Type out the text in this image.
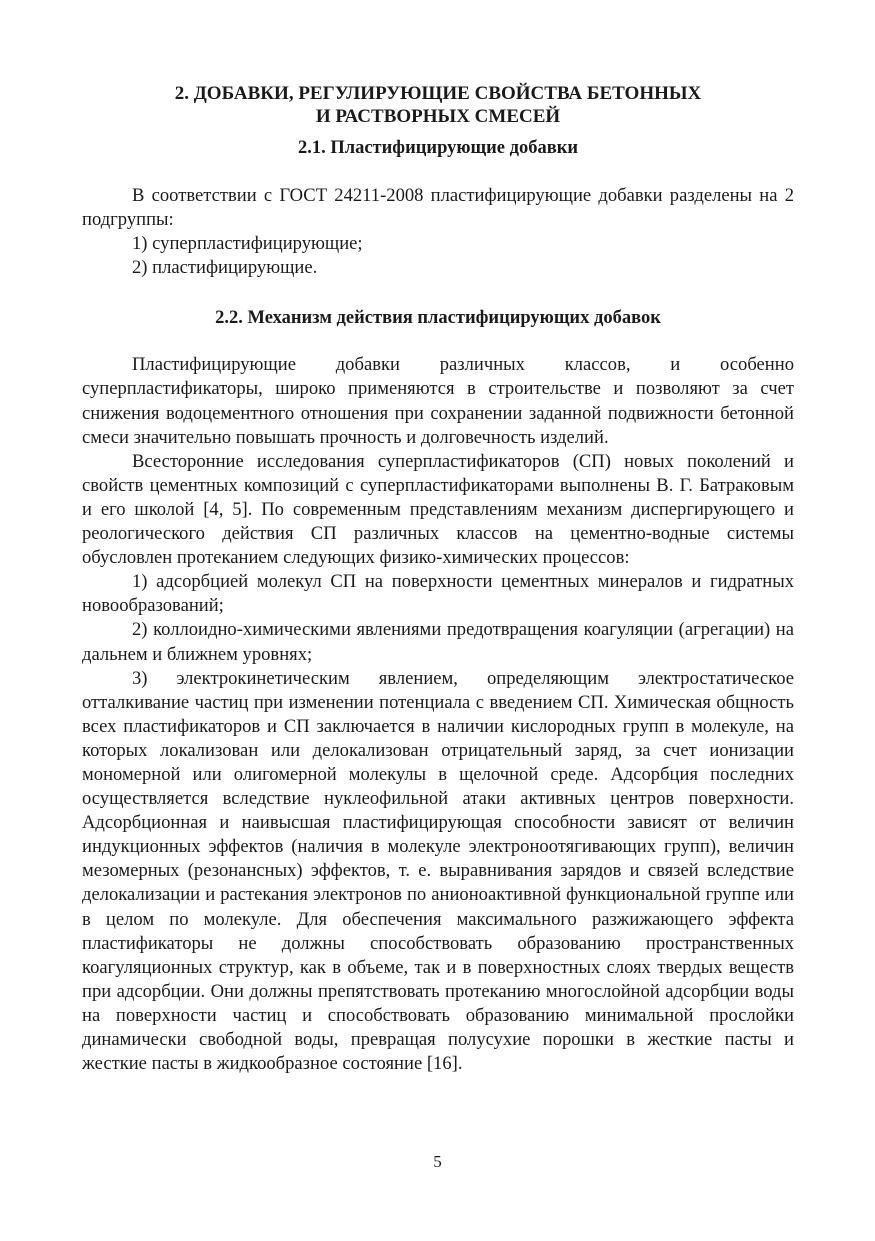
2. ДОБАВКИ, РЕГУЛИРУЮЩИЕ СВОЙСТВА БЕТОННЫХ
И РАСТВОРНЫХ СМЕСЕЙ
2.1. Пластифицирующие добавки

В соответствии с ГОСТ 24211-2008 пластифицирующие добавки разделены на 2 подгруппы:

1) суперпластифицирующие;

2) пластифицирующие.

2.2. Механизм действия пластифицирующих добавок

Пластифицирующие добавки различных классов, и особенно суперпластификаторы, широко применяются в строительстве и позволяют за счет снижения водоцементного отношения при сохранении заданной подвижности бетонной смеси значительно повышать прочность и долговечность изделий.

Всесторонние исследования суперпластификаторов (СП) новых поколений и свойств цементных композиций с суперпластификаторами выполнены В. Г. Батраковым и его школой [4, 5]. По современным представлениям механизм диспергирующего и реологического действия СП различных классов на цементно-водные системы обусловлен протеканием следующих физико-химических процессов:

1) адсорбцией молекул СП на поверхности цементных минералов и гидратных новообразований;

2) коллоидно-химическими явлениями предотвращения коагуляции (агрегации) на дальнем и ближнем уровнях;

3) электрокинетическим явлением, определяющим электростатическое отталкивание частиц при изменении потенциала с введением СП. Химическая общность всех пластификаторов и СП заключается в наличии кислородных групп в молекуле, на которых локализован или делокализован отрицательный заряд, за счет ионизации мономерной или олигомерной молекулы в щелочной среде. Адсорбция последних осуществляется вследствие нуклеофильной атаки активных центров поверхности. Адсорбционная и наивысшая пластифицирующая способности зависят от величин индукционных эффектов (наличия в молекуле электроноотягивающих групп), величин мезомерных (резонансных) эффектов, т. е. выравнивания зарядов и связей вследствие делокализации и растекания электронов по анионоактивной функциональной группе или в целом по молекуле. Для обеспечения максимального разжижающего эффекта пластификаторы не должны способствовать образованию пространственных коагуляционных структур, как в объеме, так и в поверхностных слоях твердых веществ при адсорбции. Они должны препятствовать протеканию многослойной адсорбции воды на поверхности частиц и способствовать образованию минимальной прослойки динамически свободной воды, превращая полусухие порошки в жесткие пасты и жесткие пасты в жидкообразное состояние [16].

5
